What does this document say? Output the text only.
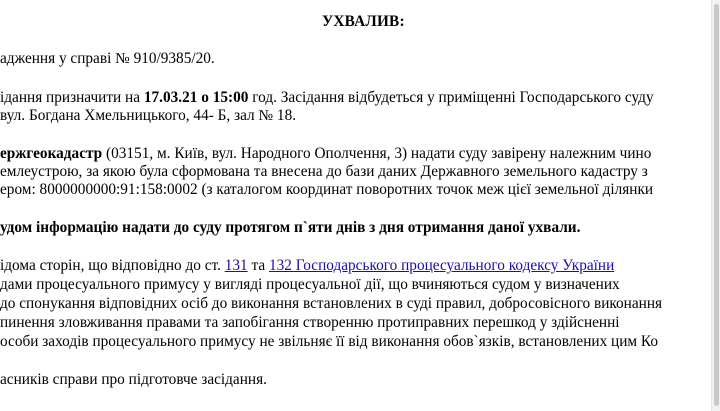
УХВАЛИВ:
адження у справі № 910/9385/20.
ідання призначити на 17.03.21 о 15:00 год. Засідання відбудеться у приміщенні Господарського суду
вул. Богдана Хмельницького, 44- Б, зал № 18.
ержгеокадастр (03151, м. Київ, вул. Народного Ополчення, 3) надати суду завірену належним чино
емлеустрою, за якою була сформована та внесена до бази даних Державного земельного кадастру з
ером: 8000000000:91:158:0002 (з каталогом координат поворотних точок меж цієї земельної ділянки
удом інформацію надати до суду протягом п`яти днів з дня отримання даної ухвали.
ідома сторін, що відповідно до ст. 131 та 132 Господарського процесуального кодексу України
дами процесуального примусу у вигляді процесуальної дії, що вчиняються судом у визначених
до спонукання відповідних осіб до виконання встановлених в суді правил, добросовісного виконання
пинення зловживання правами та запобігання створенню протиправних перешкод у здійсненні
особи заходів процесуального примусу не звільняє її від виконання обов`язків, встановлених цим Ко
асників справи про підготовче засідання.
